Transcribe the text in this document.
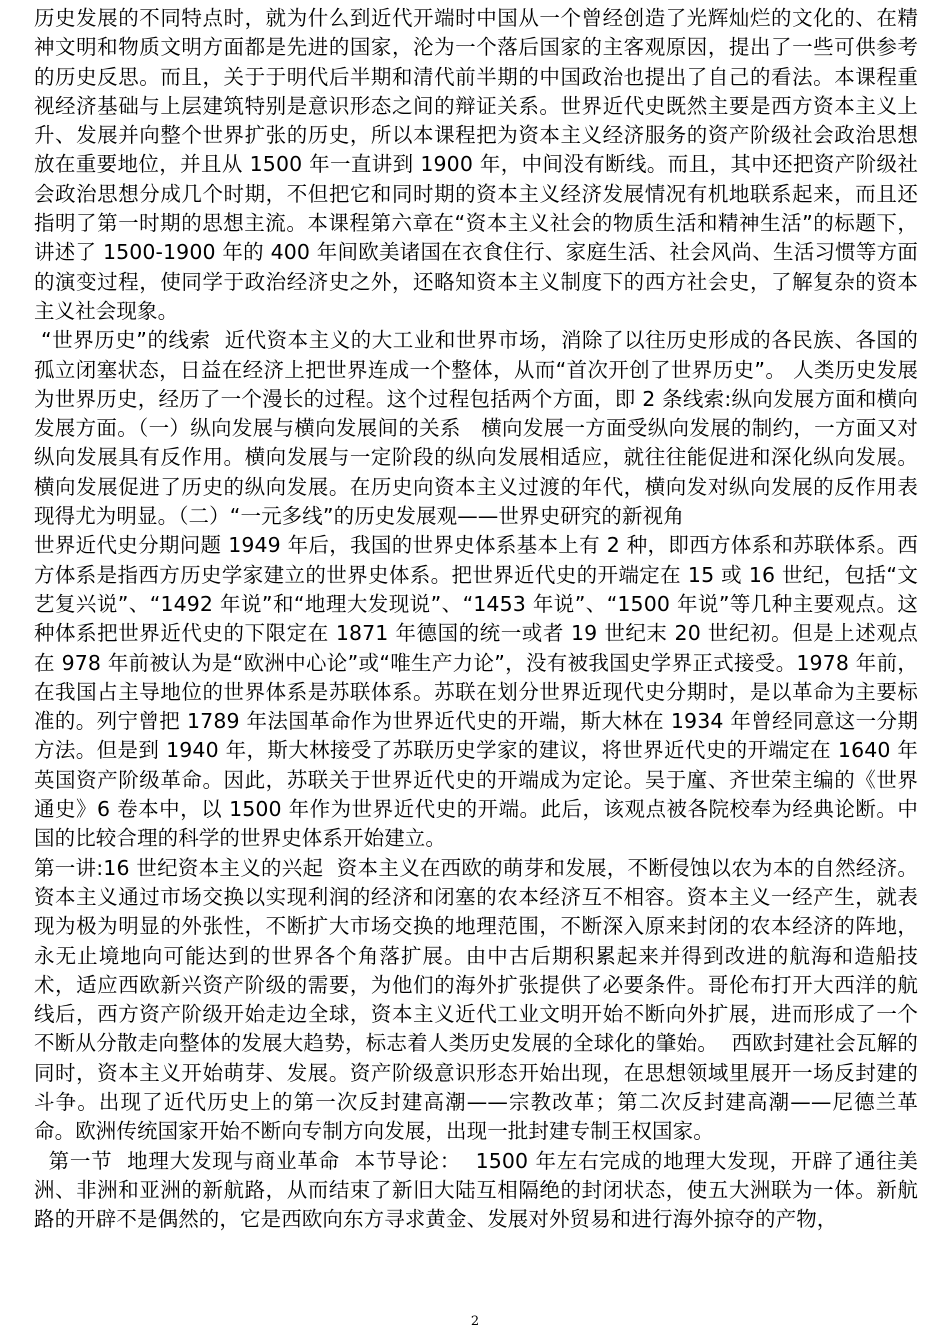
历史发展的不同特点时，就为什么到近代开端时中国从一个曾经创造了光辉灿烂的文化的、在精神文明和物质文明方面都是先进的国家，沦为一个落后国家的主客观原因，提出了一些可供参考的历史反思。而且，关于于明代后半期和清代前半期的中国政治也提出了自己的看法。本课程重视经济基础与上层建筑特别是意识形态之间的辩证关系。世界近代史既然主要是西方资本主义上升、发展并向整个世界扩张的历史，所以本课程把为资本主义经济服务的资产阶级社会政治思想放在重要地位，并且从 1500 年一直讲到 1900 年，中间没有断线。而且，其中还把资产阶级社会政治思想分成几个时期，不但把它和同时期的资本主义经济发展情况有机地联系起来，而且还指明了第一时期的思想主流。本课程第六章在“资本主义社会的物质生活和精神生活”的标题下，讲述了 1500-1900 年的 400 年间欧美诸国在衣食住行、家庭生活、社会风尚、生活习惯等方面的演变过程，使同学于政治经济史之外，还略知资本主义制度下的西方社会史，了解复杂的资本主义社会现象。

“世界历史”的线索  近代资本主义的大工业和世界市场，消除了以往历史形成的各民族、各国的孤立闭塞状态，日益在经济上把世界连成一个整体，从而“首次开创了世界历史”。 人类历史发展为世界历史，经历了一个漫长的过程。这个过程包括两个方面，即 2 条线索:纵向发展方面和横向发展方面。（一）纵向发展与横向发展间的关系   横向发展一方面受纵向发展的制约，一方面又对纵向发展具有反作用。横向发展与一定阶段的纵向发展相适应，就往往能促进和深化纵向发展。横向发展促进了历史的纵向发展。在历史向资本主义过渡的年代，横向发对纵向发展的反作用表现得尤为明显。（二）“一元多线”的历史发展观——世界史研究的新视角

世界近代史分期问题 1949 年后，我国的世界史体系基本上有 2 种，即西方体系和苏联体系。西方体系是指西方历史学家建立的世界史体系。把世界近代史的开端定在 15 或 16 世纪，包括“文艺复兴说”、“1492 年说”和“地理大发现说”、“1453 年说”、“1500 年说”等几种主要观点。这种体系把世界近代史的下限定在 1871 年德国的统一或者 19 世纪末 20 世纪初。但是上述观点在 978 年前被认为是“欧洲中心论”或“唯生产力论”，没有被我国史学界正式接受。1978 年前，在我国占主导地位的世界体系是苏联体系。苏联在划分世界近现代史分期时，是以革命为主要标准的。列宁曾把 1789 年法国革命作为世界近代史的开端，斯大林在 1934 年曾经同意这一分期方法。但是到 1940 年，斯大林接受了苏联历史学家的建议，将世界近代史的开端定在 1640 年英国资产阶级革命。因此，苏联关于世界近代史的开端成为定论。吴于廑、齐世荣主编的《世界通史》6 卷本中，以 1500 年作为世界近代史的开端。此后，该观点被各院校奉为经典论断。中国的比较合理的科学的世界史体系开始建立。

第一讲:16 世纪资本主义的兴起  资本主义在西欧的萌芽和发展，不断侵蚀以农为本的自然经济。资本主义通过市场交换以实现利润的经济和闭塞的农本经济互不相容。资本主义一经产生，就表现为极为明显的外张性，不断扩大市场交换的地理范围，不断深入原来封闭的农本经济的阵地，永无止境地向可能达到的世界各个角落扩展。由中古后期积累起来并得到改进的航海和造船技术，适应西欧新兴资产阶级的需要，为他们的海外扩张提供了必要条件。哥伦布打开大西洋的航线后，西方资产阶级开始走边全球，资本主义近代工业文明开始不断向外扩展，进而形成了一个不断从分散走向整体的发展大趋势，标志着人类历史发展的全球化的肇始。  西欧封建社会瓦解的同时，资本主义开始萌芽、发展。资产阶级意识形态开始出现，在思想领域里展开一场反封建的斗争。出现了近代历史上的第一次反封建高潮——宗教改革；第二次反封建高潮——尼德兰革命。欧洲传统国家开始不断向专制方向发展，出现一批封建专制王权国家。

第一节  地理大发现与商业革命  本节导论：  1500 年左右完成的地理大发现，开辟了通往美洲、非洲和亚洲的新航路，从而结束了新旧大陆互相隔绝的封闭状态，使五大洲联为一体。新航路的开辟不是偶然的，它是西欧向东方寻求黄金、发展对外贸易和进行海外掠夺的产物，

2
